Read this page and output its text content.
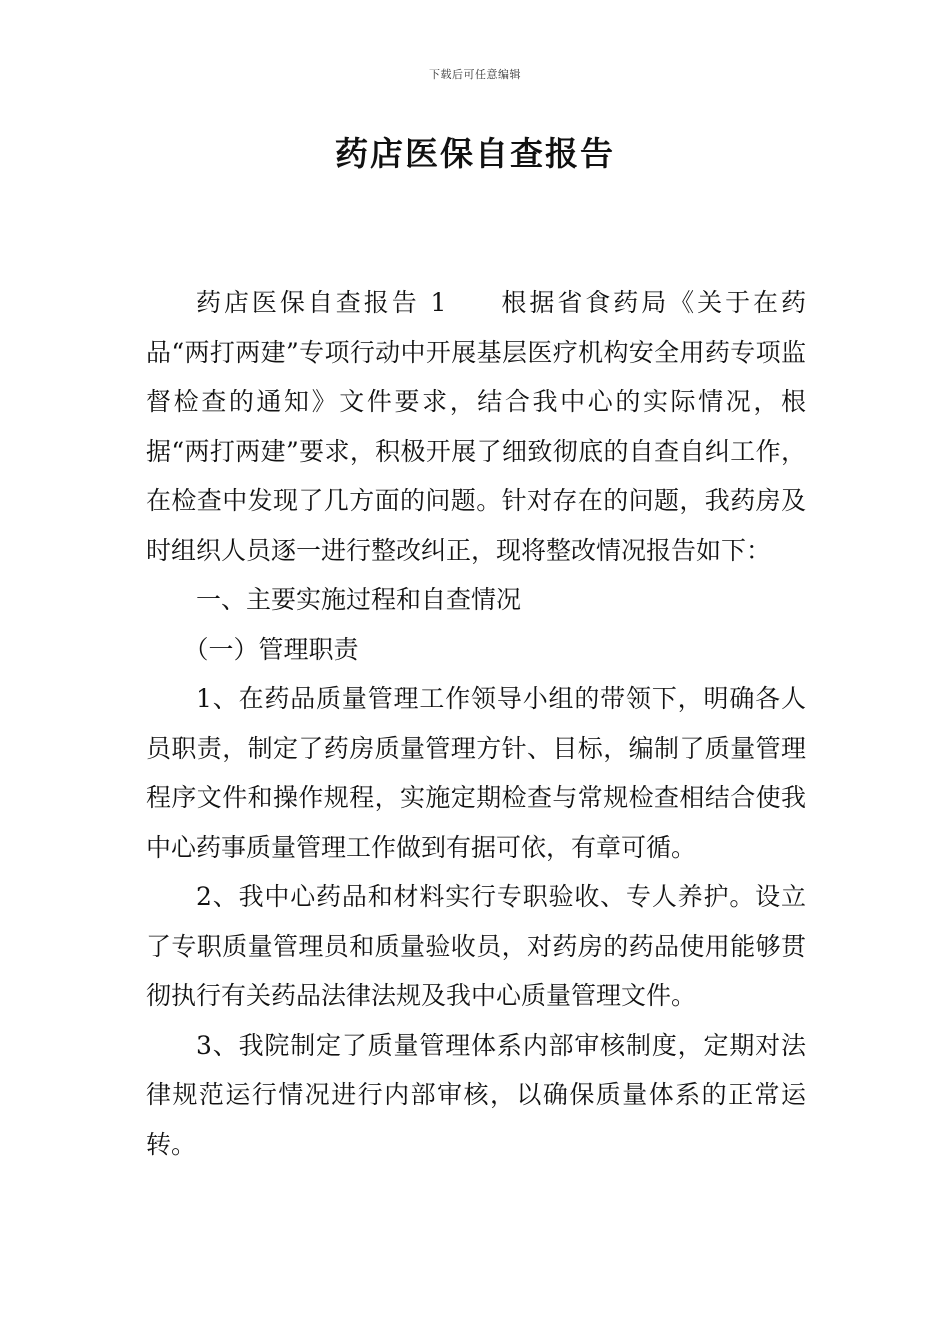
下载后可任意编辑
药店医保自查报告

药店医保自查报告 1 根据省食药局《关于在药品“两打两建”专项行动中开展基层医疗机构安全用药专项监督检查的通知》文件要求，结合我中心的实际情况，根据“两打两建”要求，积极开展了细致彻底的自查自纠工作，在检查中发现了几方面的问题。针对存在的问题，我药房及时组织人员逐一进行整改纠正，现将整改情况报告如下：

一、主要实施过程和自查情况

（一）管理职责

1、在药品质量管理工作领导小组的带领下，明确各人员职责，制定了药房质量管理方针、目标，编制了质量管理程序文件和操作规程，实施定期检查与常规检查相结合使我中心药事质量管理工作做到有据可依，有章可循。

2、我中心药品和材料实行专职验收、专人养护。设立了专职质量管理员和质量验收员，对药房的药品使用能够贯彻执行有关药品法律法规及我中心质量管理文件。

3、我院制定了质量管理体系内部审核制度，定期对法律规范运行情况进行内部审核，以确保质量体系的正常运转。
